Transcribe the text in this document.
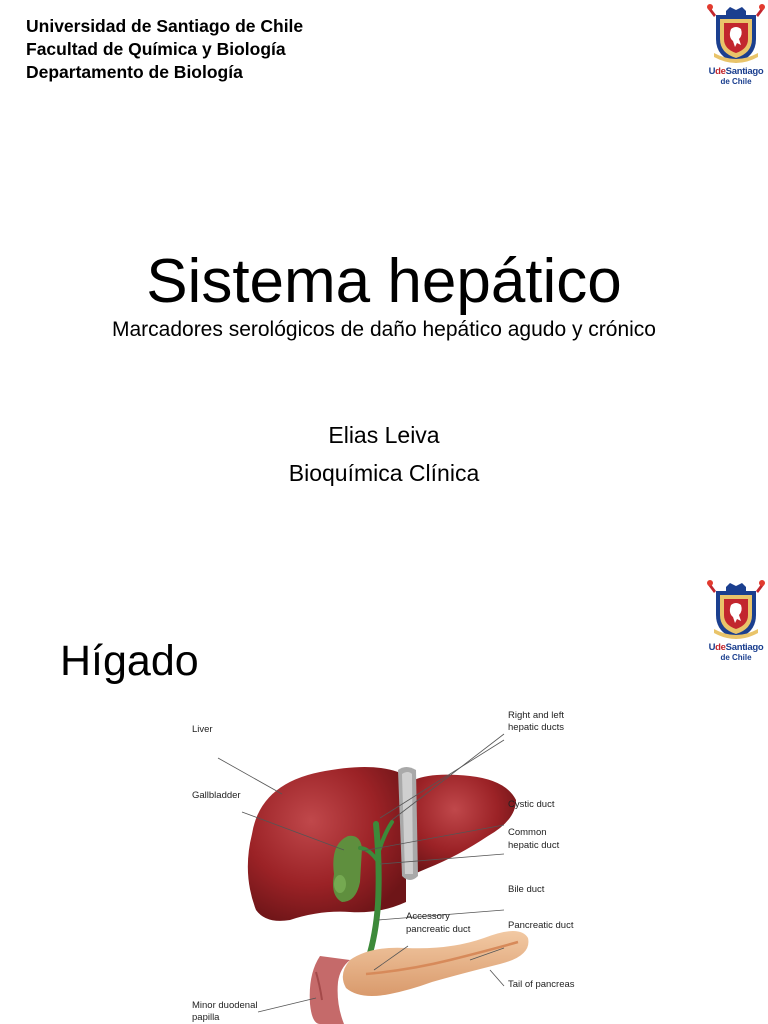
Universidad de Santiago de Chile
Facultad de Química y Biología
Departamento de Biología	UdeSantiago
de Chile
Sistema hepático
Marcadores serológicos de daño hepático agudo y crónico
Elias Leiva
Bioquímica Clínica
UdeSantiago
de Chile
Hígado
Liver
Gallbladder
Minor duodenal
papilla
Right and left
hepatic ducts
Cystic duct
Common
hepatic duct
Bile duct
Accessory
pancreatic duct	Pancreatic duct
Tail of pancreas
